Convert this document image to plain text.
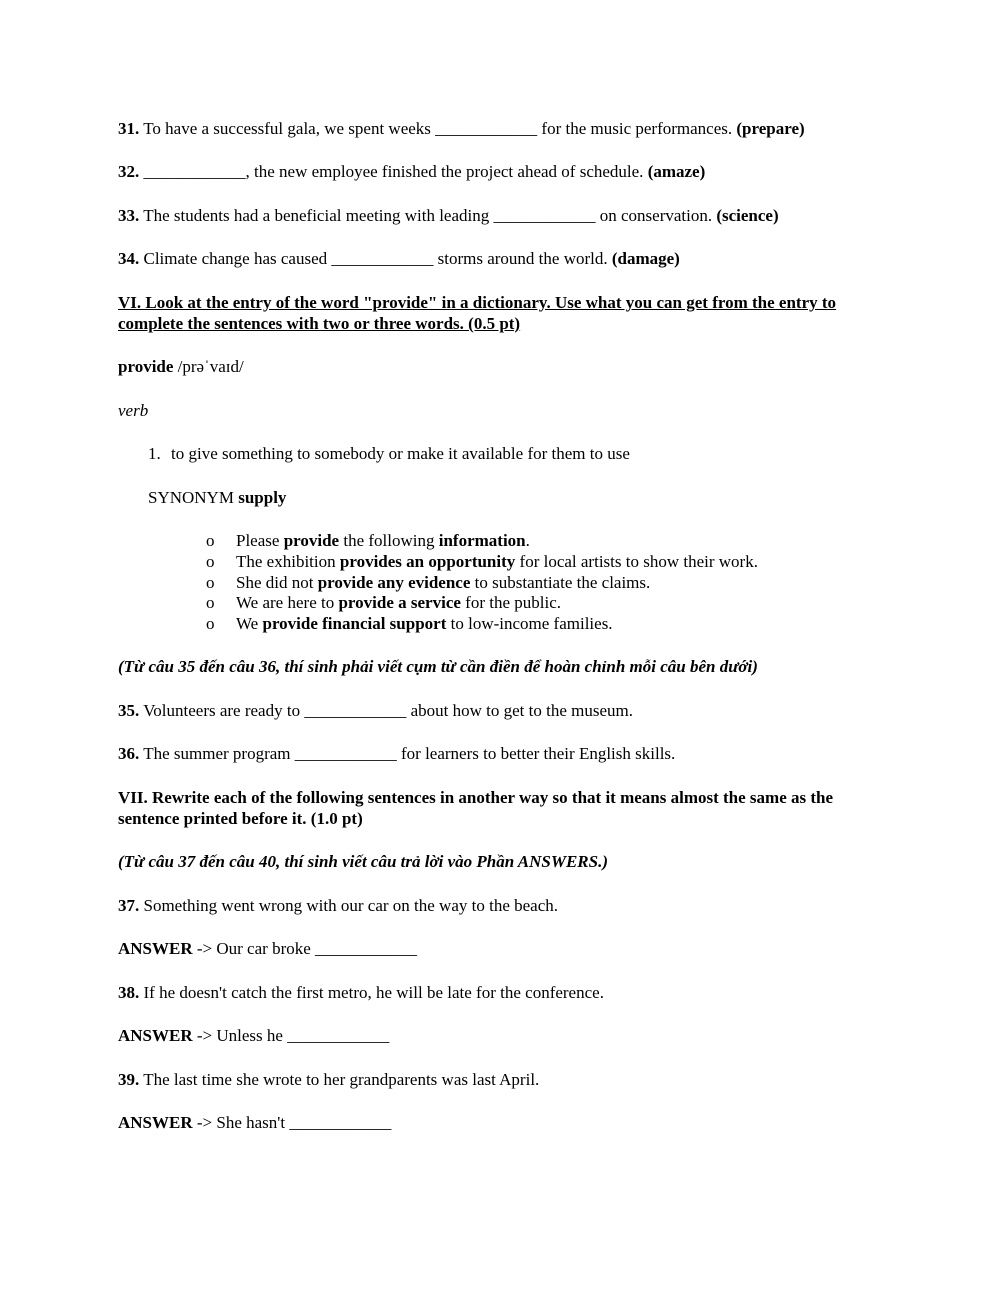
31. To have a successful gala, we spent weeks ____________ for the music performances. (prepare)
32. ____________, the new employee finished the project ahead of schedule. (amaze)
33. The students had a beneficial meeting with leading ____________ on conservation. (science)
34. Climate change has caused ____________ storms around the world. (damage)
VI. Look at the entry of the word "provide" in a dictionary. Use what you can get from the entry to
complete the sentences with two or three words. (0.5 pt)
provide /prəˈvaɪd/
verb
1. to give something to somebody or make it available for them to use
SYNONYM supply
o Please provide the following information.
o The exhibition provides an opportunity for local artists to show their work.
o She did not provide any evidence to substantiate the claims.
o We are here to provide a service for the public.
o We provide financial support to low-income families.
(Từ câu 35 đến câu 36, thí sinh phải viết cụm từ cần điền để hoàn chỉnh mỗi câu bên dưới)
35. Volunteers are ready to ____________ about how to get to the museum.
36. The summer program ____________ for learners to better their English skills.
VII. Rewrite each of the following sentences in another way so that it means almost the same as the
sentence printed before it. (1.0 pt)
(Từ câu 37 đến câu 40, thí sinh viết câu trả lời vào Phần ANSWERS.)
37. Something went wrong with our car on the way to the beach.
ANSWER -> Our car broke ____________
38. If he doesn't catch the first metro, he will be late for the conference.
ANSWER -> Unless he ____________
39. The last time she wrote to her grandparents was last April.
ANSWER -> She hasn't ____________
